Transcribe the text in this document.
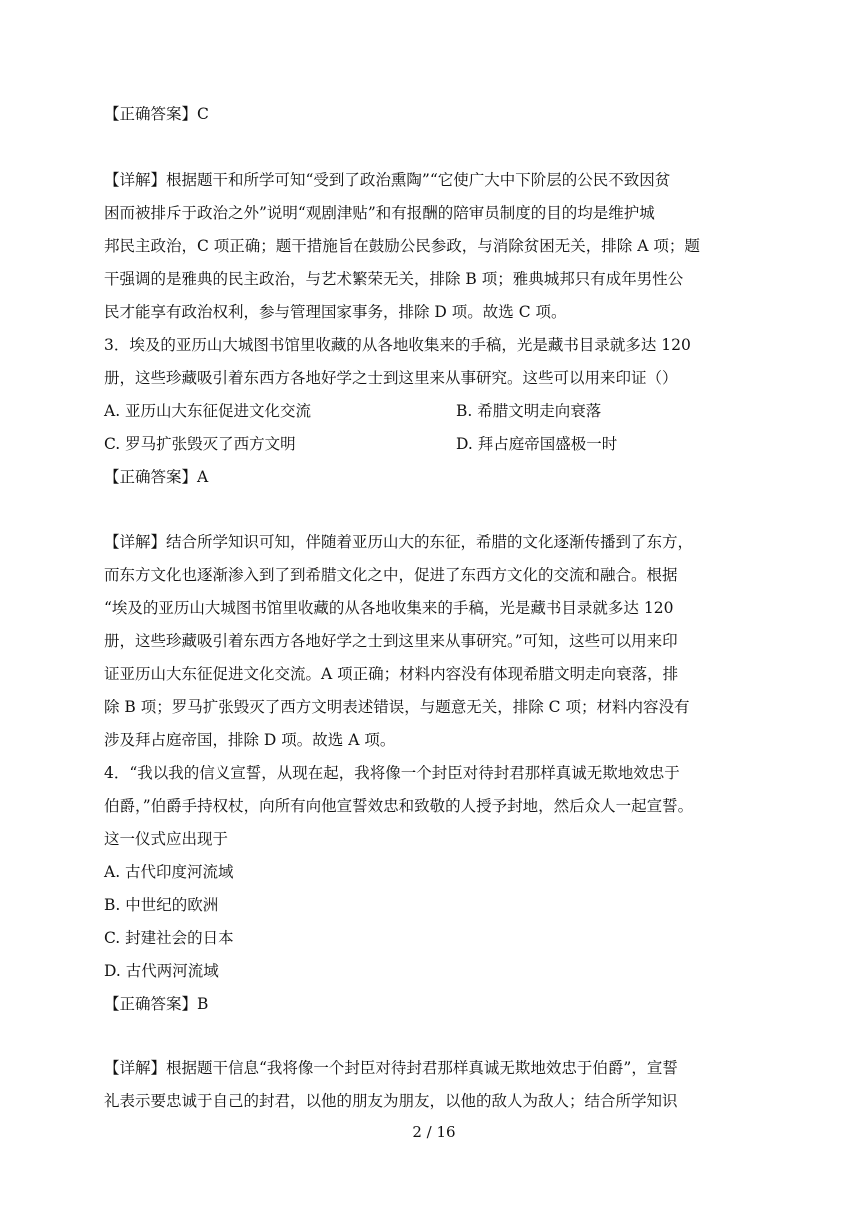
【正确答案】C
【详解】根据题干和所学可知“受到了政治熏陶”“它使广大中下阶层的公民不致因贫
困而被排斥于政治之外”说明“观剧津贴”和有报酬的陪审员制度的目的均是维护城
邦民主政治，C 项正确；题干措施旨在鼓励公民参政，与消除贫困无关，排除 A 项；题
干强调的是雅典的民主政治，与艺术繁荣无关，排除 B 项；雅典城邦只有成年男性公
民才能享有政治权利，参与管理国家事务，排除 D 项。故选 C 项。
3．埃及的亚历山大城图书馆里收藏的从各地收集来的手稿，光是藏书目录就多达 120
册，这些珍藏吸引着东西方各地好学之士到这里来从事研究。这些可以用来印证（）
A. 亚历山大东征促进文化交流	B. 希腊文明走向衰落
C. 罗马扩张毁灭了西方文明	D. 拜占庭帝国盛极一时
【正确答案】A
【详解】结合所学知识可知，伴随着亚历山大的东征，希腊的文化逐渐传播到了东方，
而东方文化也逐渐渗入到了到希腊文化之中，促进了东西方文化的交流和融合。根据
“埃及的亚历山大城图书馆里收藏的从各地收集来的手稿，光是藏书目录就多达 120
册，这些珍藏吸引着东西方各地好学之士到这里来从事研究。”可知，这些可以用来印
证亚历山大东征促进文化交流。A 项正确；材料内容没有体现希腊文明走向衰落，排
除 B 项；罗马扩张毁灭了西方文明表述错误，与题意无关，排除 C 项；材料内容没有
涉及拜占庭帝国，排除 D 项。故选 A 项。
4．“我以我的信义宣誓，从现在起，我将像一个封臣对待封君那样真诚无欺地效忠于
伯爵，”伯爵手持权杖，向所有向他宣誓效忠和致敬的人授予封地，然后众人一起宣誓。
这一仪式应出现于
A. 古代印度河流域
B. 中世纪的欧洲
C. 封建社会的日本
D. 古代两河流域
【正确答案】B
【详解】根据题干信息“我将像一个封臣对待封君那样真诚无欺地效忠于伯爵”，宣誓
礼表示要忠诚于自己的封君，以他的朋友为朋友，以他的敌人为敌人；结合所学知识
2 / 16
